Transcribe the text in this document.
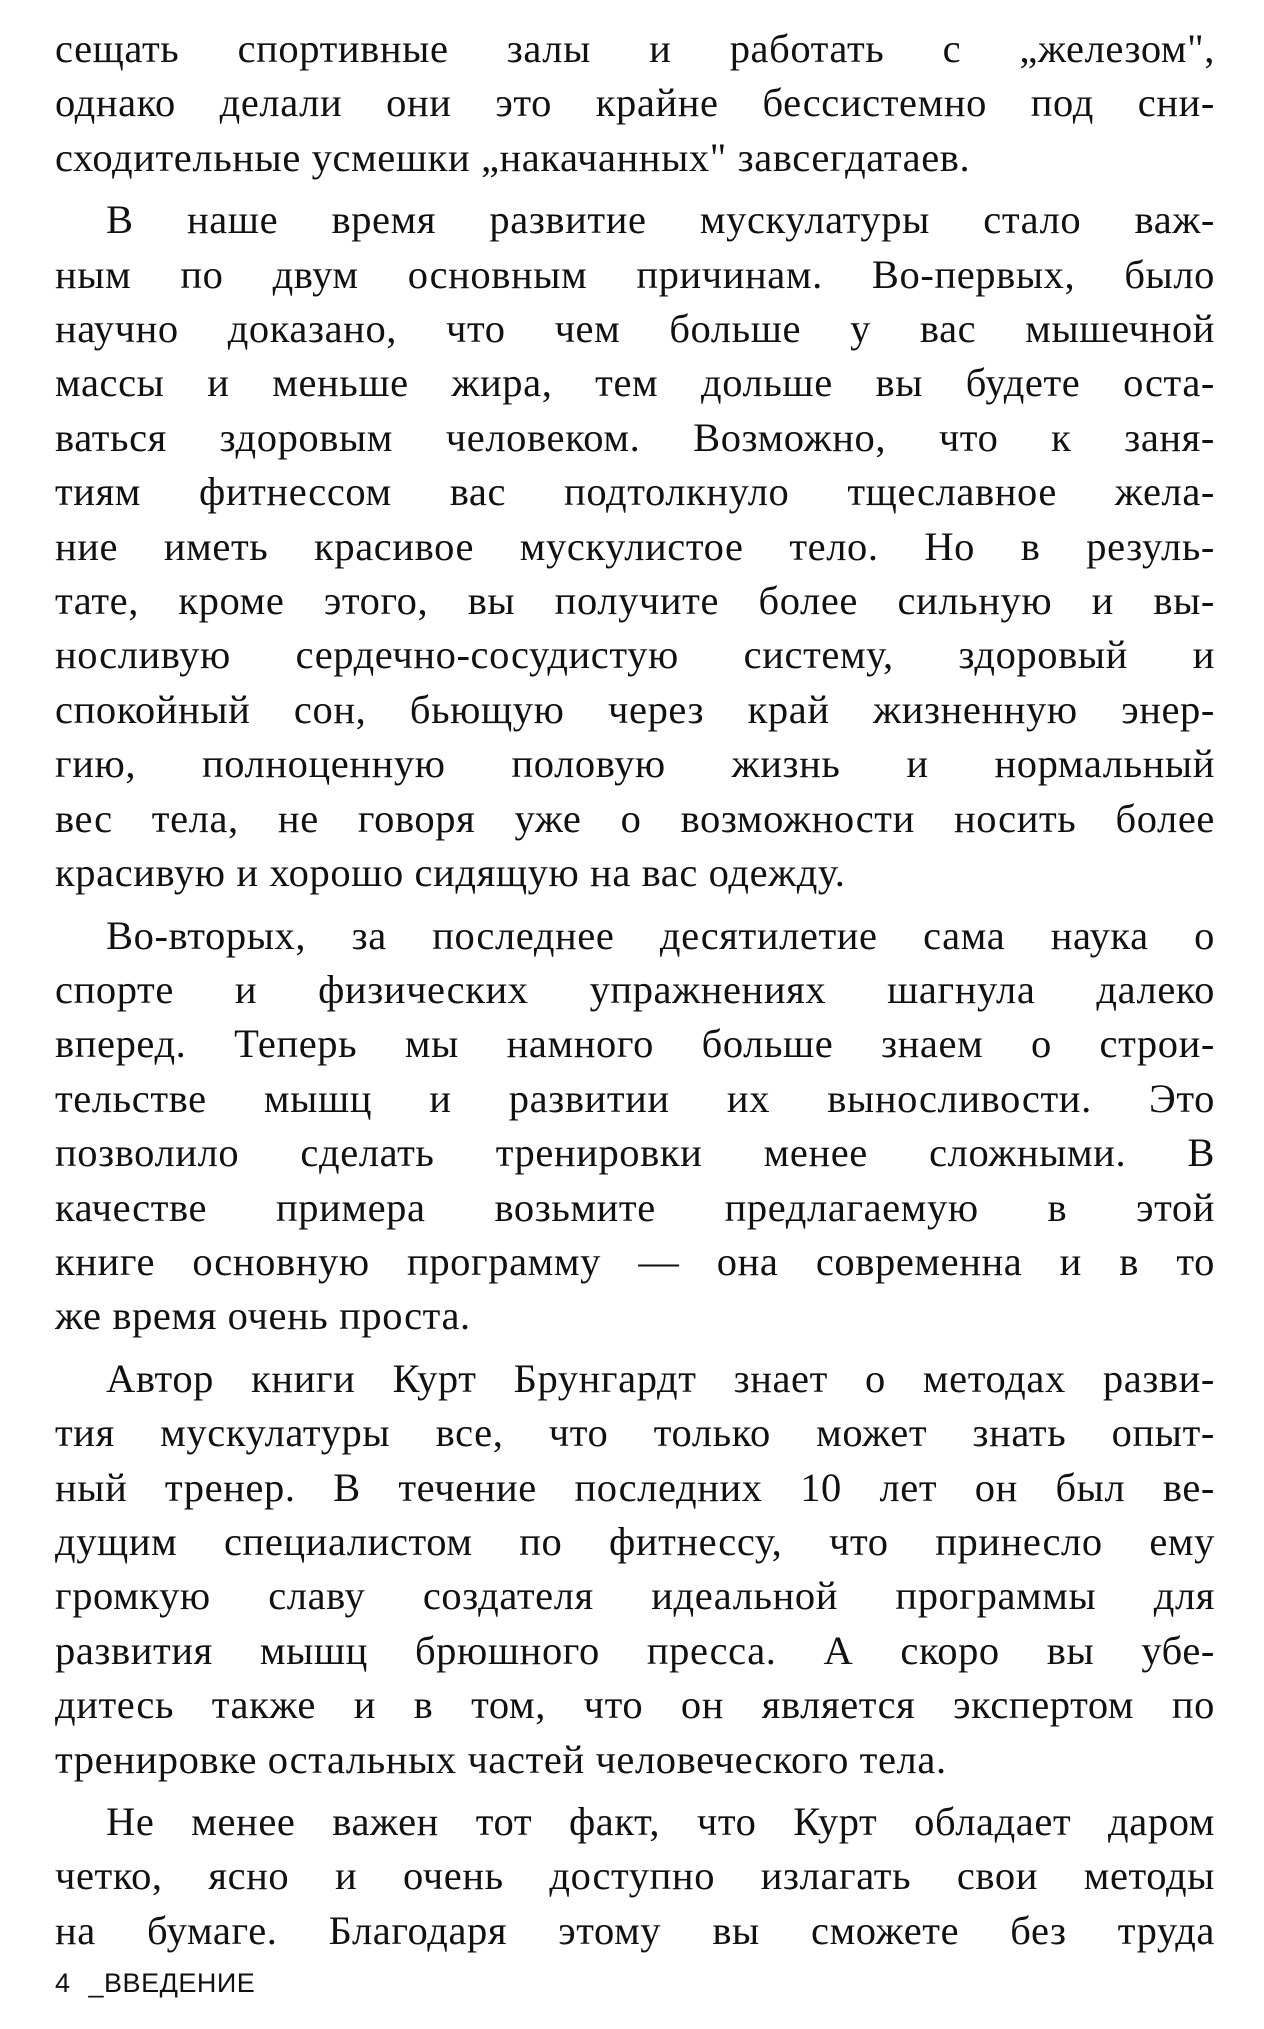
сещать спортивные залы и работать с „железом",
однако делали они это крайне бессистемно под сни-
сходительные усмешки „накачанных" завсегдатаев.
В наше время развитие мускулатуры стало важ-
ным по двум основным причинам. Во-первых, было
научно доказано, что чем больше у вас мышечной
массы и меньше жира, тем дольше вы будете оста-
ваться здоровым человеком. Возможно, что к заня-
тиям фитнессом вас подтолкнуло тщеславное жела-
ние иметь красивое мускулистое тело. Но в резуль-
тате, кроме этого, вы получите более сильную и вы-
носливую сердечно-сосудистую систему, здоровый и
спокойный сон, бьющую через край жизненную энер-
гию, полноценную половую жизнь и нормальный
вес тела, не говоря уже о возможности носить более
красивую и хорошо сидящую на вас одежду.
Во-вторых, за последнее десятилетие сама наука о
спорте и физических упражнениях шагнула далеко
вперед. Теперь мы намного больше знаем о строи-
тельстве мышц и развитии их выносливости. Это
позволило сделать тренировки менее сложными. В
качестве примера возьмите предлагаемую в этой
книге основную программу — она современна и в то
же время очень проста.
Автор книги Курт Брунгардт знает о методах разви-
тия мускулатуры все, что только может знать опыт-
ный тренер. В течение последних 10 лет он был ве-
дущим специалистом по фитнессу, что принесло ему
громкую славу создателя идеальной программы для
развития мышц брюшного пресса. А скоро вы убе-
дитесь также и в том, что он является экспертом по
тренировке остальных частей человеческого тела.
Не менее важен тот факт, что Курт обладает даром
четко, ясно и очень доступно излагать свои методы
на бумаге. Благодаря этому вы сможете без труда
4 _ВВЕДЕНИЕ
